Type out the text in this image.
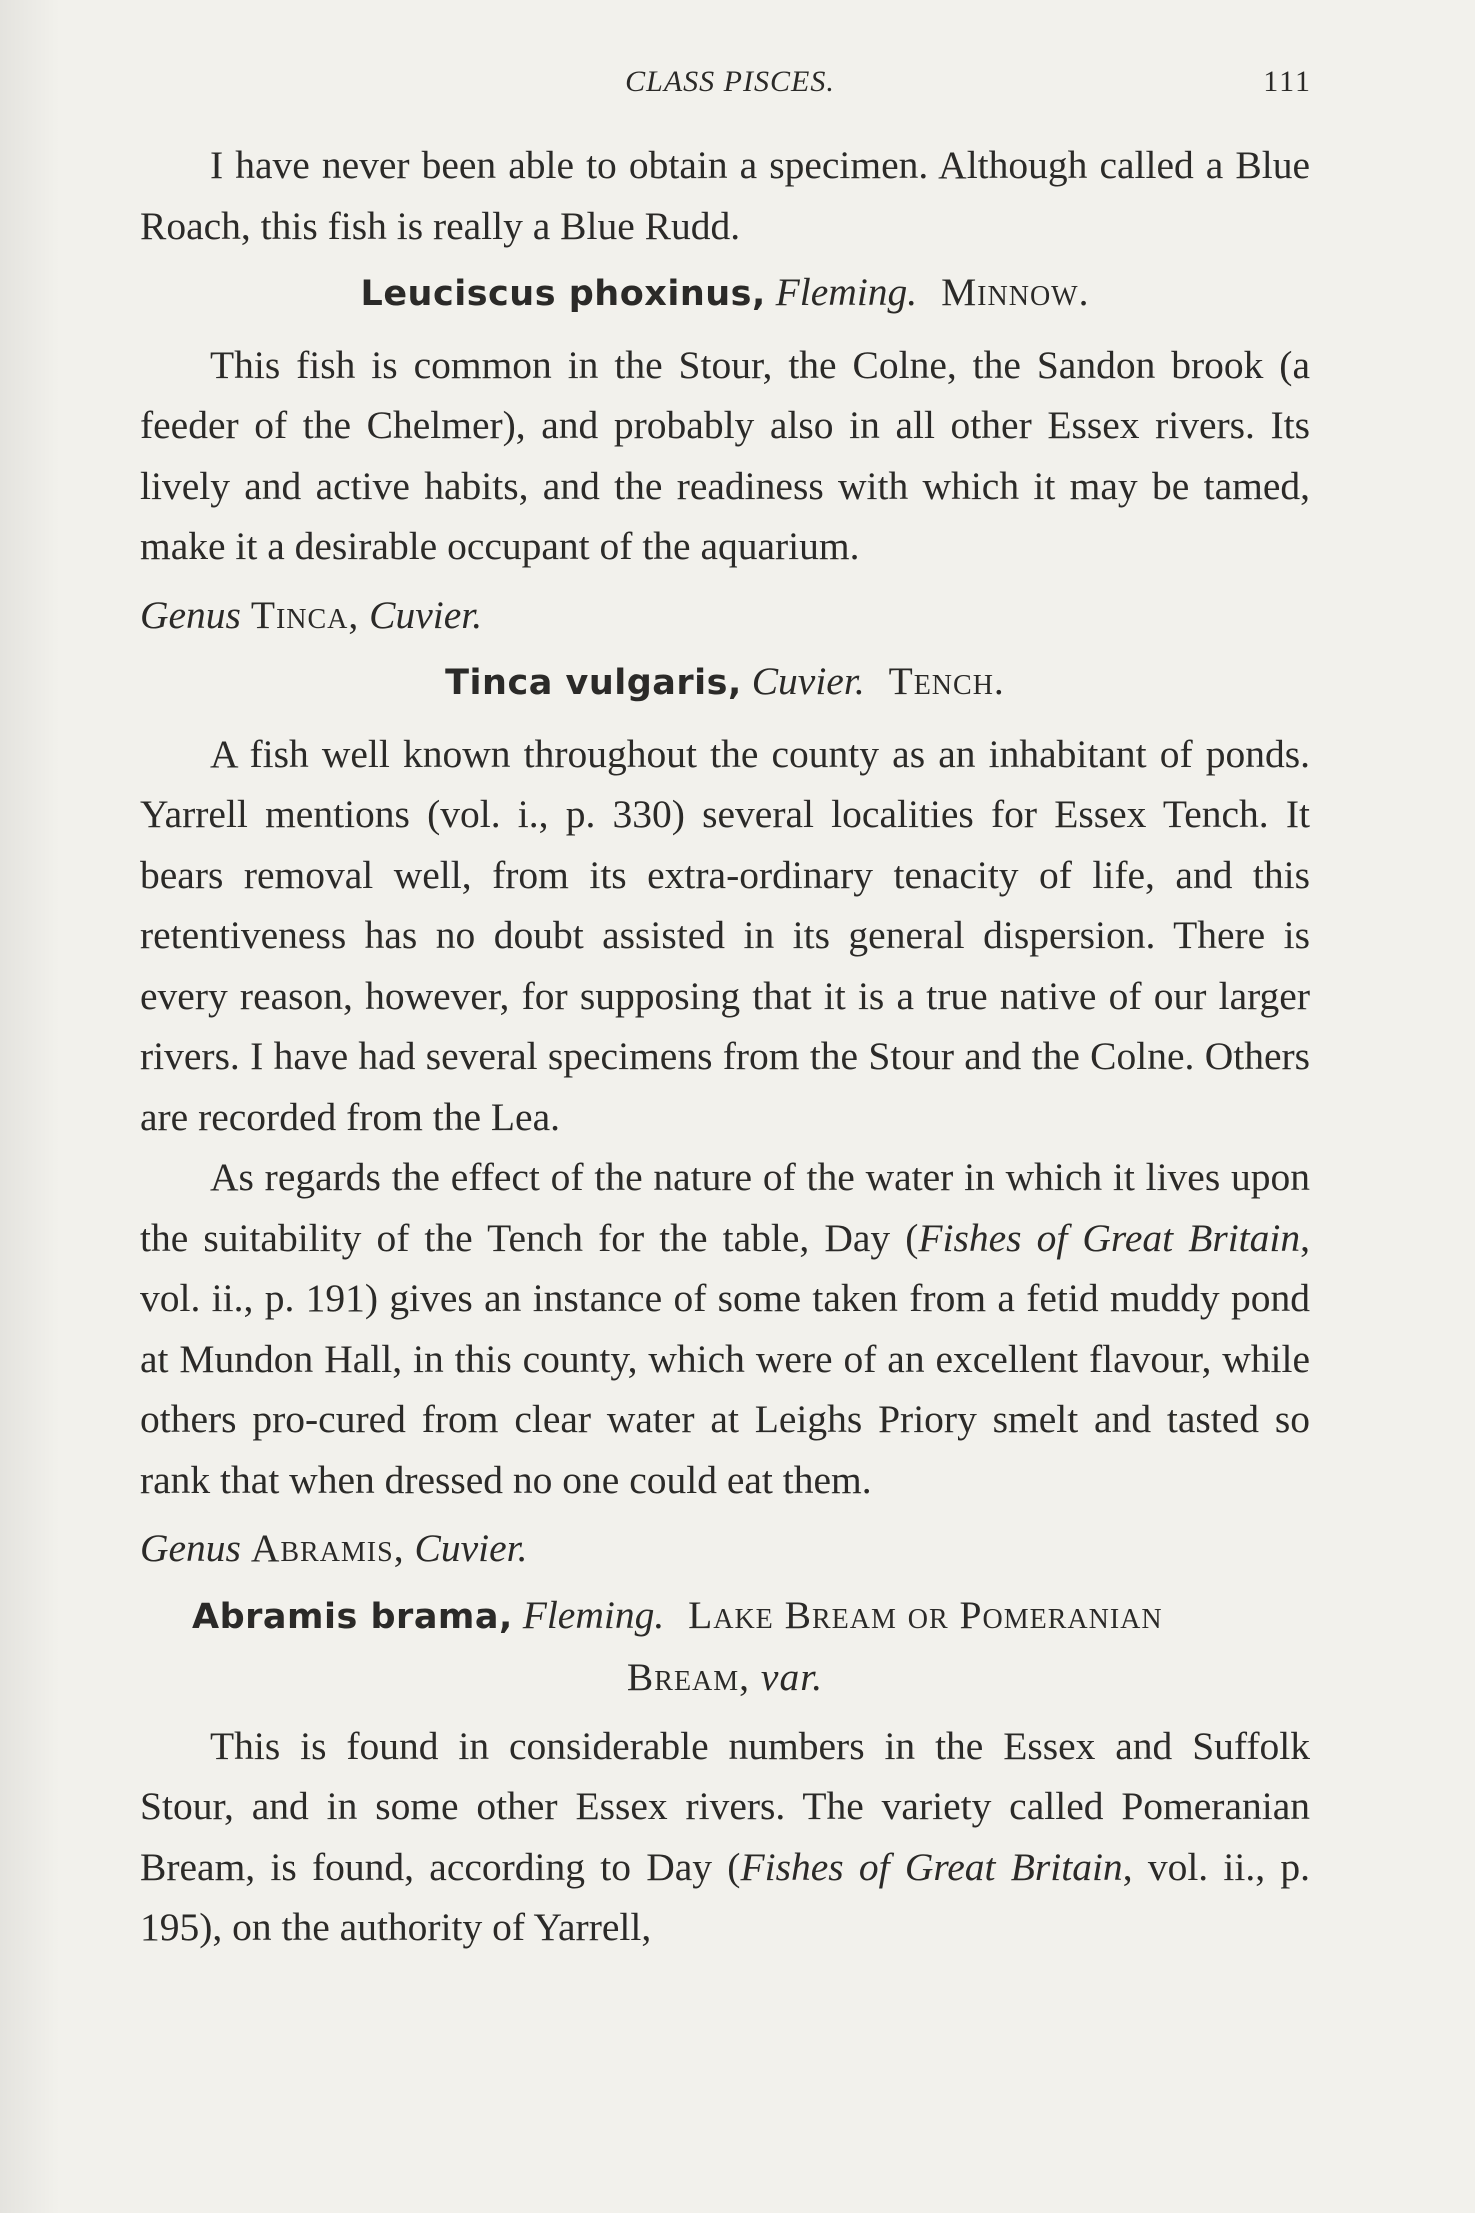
CLASS PISCES.	111

I have never been able to obtain a specimen. Although called a Blue Roach, this fish is really a Blue Rudd.

Leuciscus phoxinus, Fleming. Minnow.

This fish is common in the Stour, the Colne, the Sandon brook (a feeder of the Chelmer), and probably also in all other Essex rivers. Its lively and active habits, and the readiness with which it may be tamed, make it a desirable occupant of the aquarium.

Genus Tinca, Cuvier.

Tinca vulgaris, Cuvier. Tench.

A fish well known throughout the county as an inhabitant of ponds. Yarrell mentions (vol. i., p. 330) several localities for Essex Tench. It bears removal well, from its extra-ordinary tenacity of life, and this retentiveness has no doubt assisted in its general dispersion. There is every reason, however, for supposing that it is a true native of our larger rivers. I have had several specimens from the Stour and the Colne. Others are recorded from the Lea.

As regards the effect of the nature of the water in which it lives upon the suitability of the Tench for the table, Day (Fishes of Great Britain, vol. ii., p. 191) gives an instance of some taken from a fetid muddy pond at Mundon Hall, in this county, which were of an excellent flavour, while others pro-cured from clear water at Leighs Priory smelt and tasted so rank that when dressed no one could eat them.

Genus Abramis, Cuvier.

Abramis brama, Fleming. Lake Bream or Pomeranian
Bream, var.

This is found in considerable numbers in the Essex and Suffolk Stour, and in some other Essex rivers. The variety called Pomeranian Bream, is found, according to Day (Fishes of Great Britain, vol. ii., p. 195), on the authority of Yarrell,
